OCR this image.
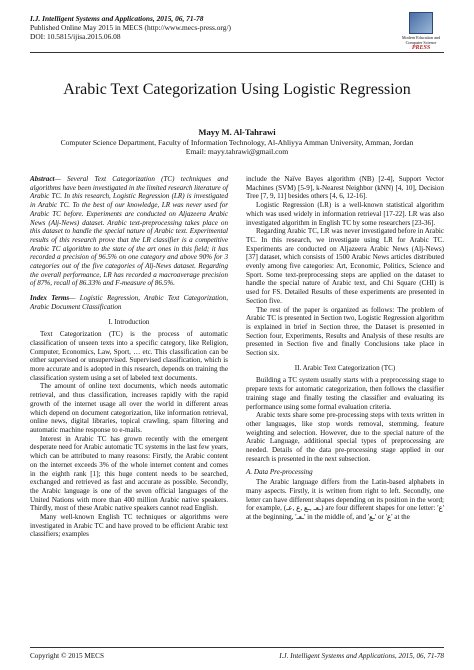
I.J. Intelligent Systems and Applications, 2015, 06, 71-78
Published Online May 2015 in MECS (http://www.mecs-press.org/)
DOI: 10.5815/ijisa.2015.06.08	Modern Education and Computer Science
PRESS
Arabic Text Categorization Using Logistic Regression
Mayy M. Al-Tahrawi
Computer Science Department, Faculty of Information Technology, Al-Ahliyya Amman University, Amman, Jordan
Email: mayy.tahrawi@gmail.com

Abstract— Several Text Categorization (TC) techniques and algorithms have been investigated in the limited research literature of Arabic TC. In this research, Logistic Regression (LR) is investigated in Arabic TC. To the best of our knowledge, LR was never used for Arabic TC before. Experiments are conducted on Aljazeera Arabic News (Alj-News) dataset. Arabic text-preprocessing takes place on this dataset to handle the special nature of Arabic text. Experimental results of this research prove that the LR classifier is a competitive Arabic TC algorithm to the state of the art ones in this field; it has recorded a precision of 96.5% on one category and above 90% for 3 categories out of the five categories of Alj-News dataset. Regarding the overall performance, LR has recorded a macroaverage precision of 87%, recall of 86.33% and F-measure of 86.5%.

Index Terms— Logistic Regression, Arabic Text Categorization, Arabic Document Classification

I. Introduction

Text Categorization (TC) is the process of automatic classification of unseen texts into a specific category, like Religion, Computer, Economics, Law, Sport, … etc. This classification can be either supervised or unsupervised. Supervised classification, which is more accurate and is adopted in this research, depends on training the classification system using a set of labeled text documents.

The amount of online text documents, which needs automatic retrieval, and thus classification, increases rapidly with the rapid growth of the internet usage all over the world in different areas which depend on document categorization, like information retrieval, online news, digital libraries, topical crawling, spam filtering and automatic machine response to e-mails.

Interest in Arabic TC has grown recently with the emergent desperate need for Arabic automatic TC systems in the last few years, which can be attributed to many reasons: Firstly, the Arabic content on the internet exceeds 3% of the whole internet content and comes in the eighth rank [1]; this huge content needs to be searched, exchanged and retrieved as fast and accurate as possible. Secondly, the Arabic language is one of the seven official languages of the United Nations with more than 400 million Arabic native speakers. Thirdly, most of these Arabic native speakers cannot read English.

Many well-known English TC techniques or algorithms were investigated in Arabic TC and have proved to be efficient Arabic text classifiers; examples

include the Naïve Bayes algorithm (NB) [2-4], Support Vector Machines (SVM) [5-9], k-Nearest Neighbor (kNN) [4, 10], Decision Tree [7, 9, 11] besides others [4, 6, 12-16].

Logistic Regression (LR) is a well-known statistical algorithm which was used widely in information retrieval [17-22]. LR was also investigated algorithm in English TC by some researchers [23-36].

Regarding Arabic TC, LR was never investigated before in Arabic TC. In this research, we investigate using LR for Arabic TC. Experiments are conducted on Aljazeera Arabic News (Alj-News) [37] dataset, which consists of 1500 Arabic News articles distributed evenly among five categories: Art, Economic, Politics, Science and Sport. Some text-preprocessing steps are applied on the dataset to handle the special nature of Arabic text, and Chi Square (CHI) is used for FS. Detailed Results of these experiments are presented in Section five.

The rest of the paper is organized as follows: The problem of Arabic TC is presented in Section two, Logistic Regression algorithm is explained in brief in Section three, the Dataset is presented in Section four, Experiments, Results and Analysis of these results are presented in Section five and finally Conclusions take place in Section six.

II. Arabic Text Categorization (TC)

Building a TC system usually starts with a preprocessing stage to prepare texts for automatic categorization, then follows the classifier training stage and finally testing the classifier and evaluating its performance using some formal evaluation criteria.

Arabic texts share some pre-processing steps with texts written in other languages, like stop words removal, stemming, feature weighting and selection. However, due to the special nature of the Arabic Language, additional special types of preprocessing are needed. Details of the data pre-processing stage applied in our research is presented in the next subsection.

A. Data Pre-processing

The Arabic language differs from the Latin-based alphabets in many aspects. Firstly, it is written from right to left. Secondly, one letter can have different shapes depending on its position in the word; for example, (ـعـ ,ـع ,ع ,عـ) are four different shapes for one letter: 'ع' at the beginning, 'ـعـ' in the middle of, and 'ـع' or 'ع' at the

Copyright © 2015 MECS	I.J. Intelligent Systems and Applications, 2015, 06, 71-78
